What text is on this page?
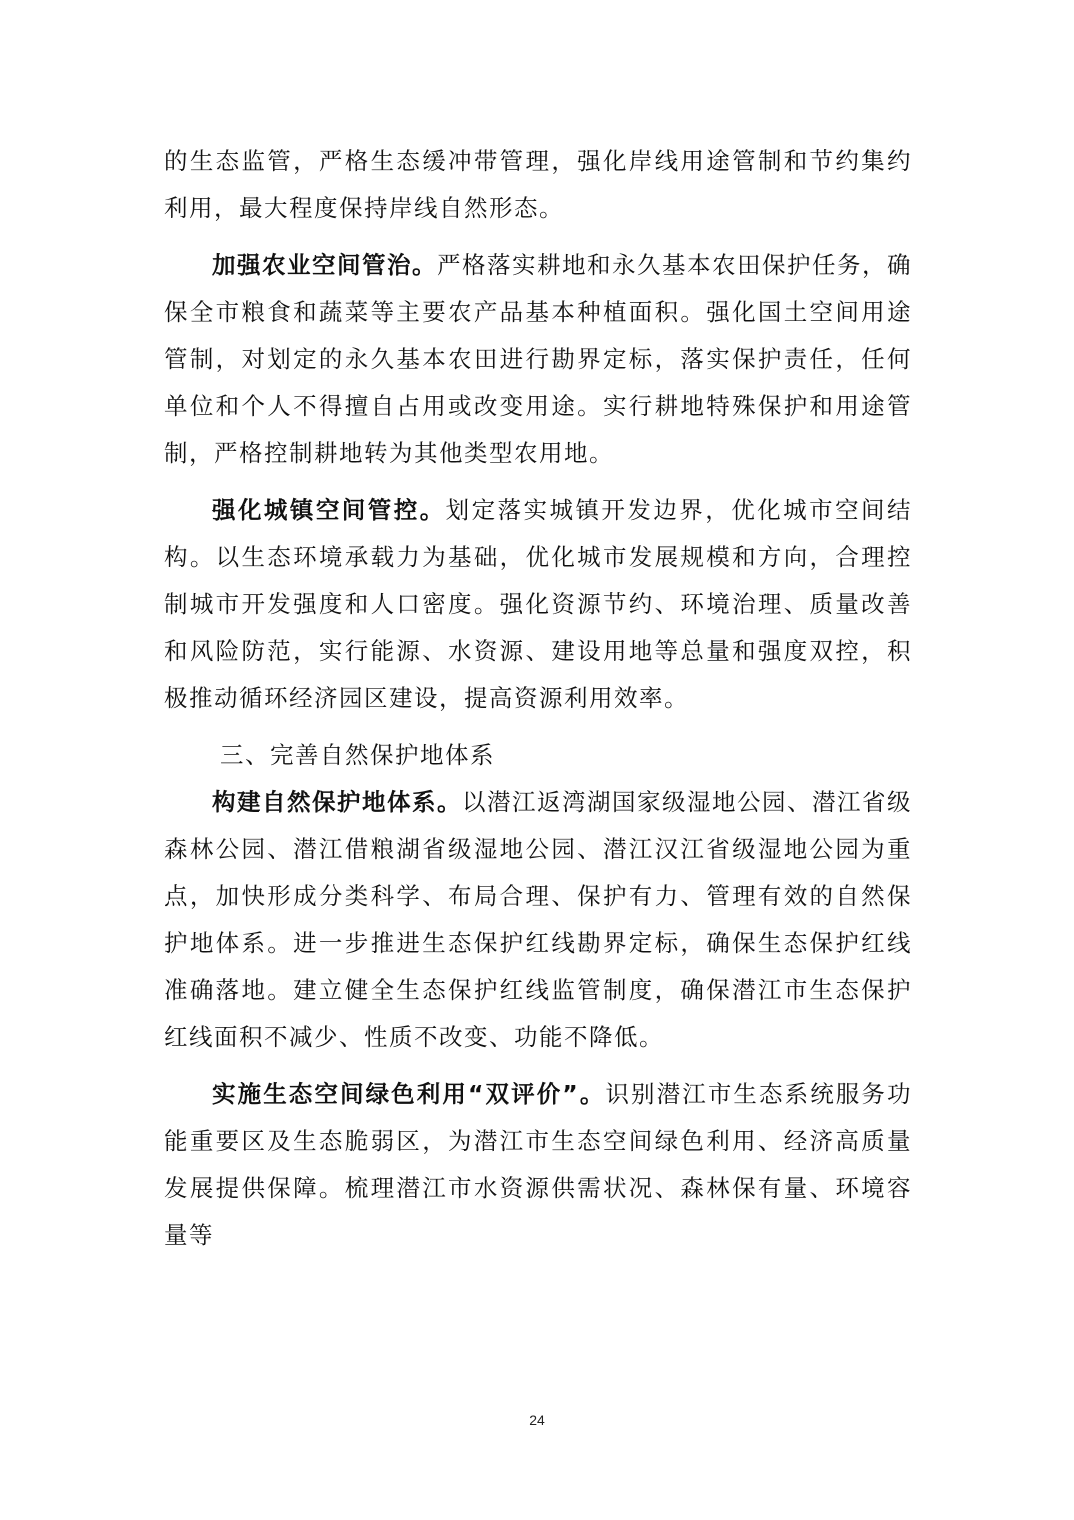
的生态监管，严格生态缓冲带管理，强化岸线用途管制和节约集约利用，最大程度保持岸线自然形态。

加强农业空间管治。严格落实耕地和永久基本农田保护任务，确保全市粮食和蔬菜等主要农产品基本种植面积。强化国土空间用途管制，对划定的永久基本农田进行勘界定标，落实保护责任，任何单位和个人不得擅自占用或改变用途。实行耕地特殊保护和用途管制，严格控制耕地转为其他类型农用地。

强化城镇空间管控。划定落实城镇开发边界，优化城市空间结构。以生态环境承载力为基础，优化城市发展规模和方向，合理控制城市开发强度和人口密度。强化资源节约、环境治理、质量改善和风险防范，实行能源、水资源、建设用地等总量和强度双控，积极推动循环经济园区建设，提高资源利用效率。

三、完善自然保护地体系

构建自然保护地体系。以潜江返湾湖国家级湿地公园、潜江省级森林公园、潜江借粮湖省级湿地公园、潜江汉江省级湿地公园为重点，加快形成分类科学、布局合理、保护有力、管理有效的自然保护地体系。进一步推进生态保护红线勘界定标，确保生态保护红线准确落地。建立健全生态保护红线监管制度，确保潜江市生态保护红线面积不减少、性质不改变、功能不降低。

实施生态空间绿色利用“双评价”。识别潜江市生态系统服务功能重要区及生态脆弱区，为潜江市生态空间绿色利用、经济高质量发展提供保障。梳理潜江市水资源供需状况、森林保有量、环境容量等

24
